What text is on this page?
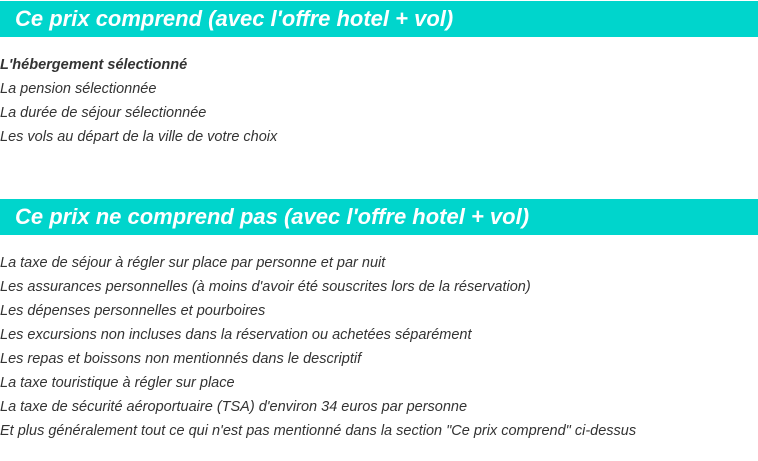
Ce prix comprend (avec l'offre hotel + vol)
L'hébergement sélectionné
La pension sélectionnée
La durée de séjour sélectionnée
Les vols au départ de la ville de votre choix
Ce prix ne comprend pas (avec l'offre hotel + vol)
La taxe de séjour à régler sur place par personne et par nuit
Les assurances personnelles (à moins d'avoir été souscrites lors de la réservation)
Les dépenses personnelles et pourboires
Les excursions non incluses dans la réservation ou achetées séparément
Les repas et boissons non mentionnés dans le descriptif
La taxe touristique à régler sur place
La taxe de sécurité aéroportuaire (TSA) d'environ 34 euros par personne
Et plus généralement tout ce qui n'est pas mentionné dans la section "Ce prix comprend" ci-dessus
